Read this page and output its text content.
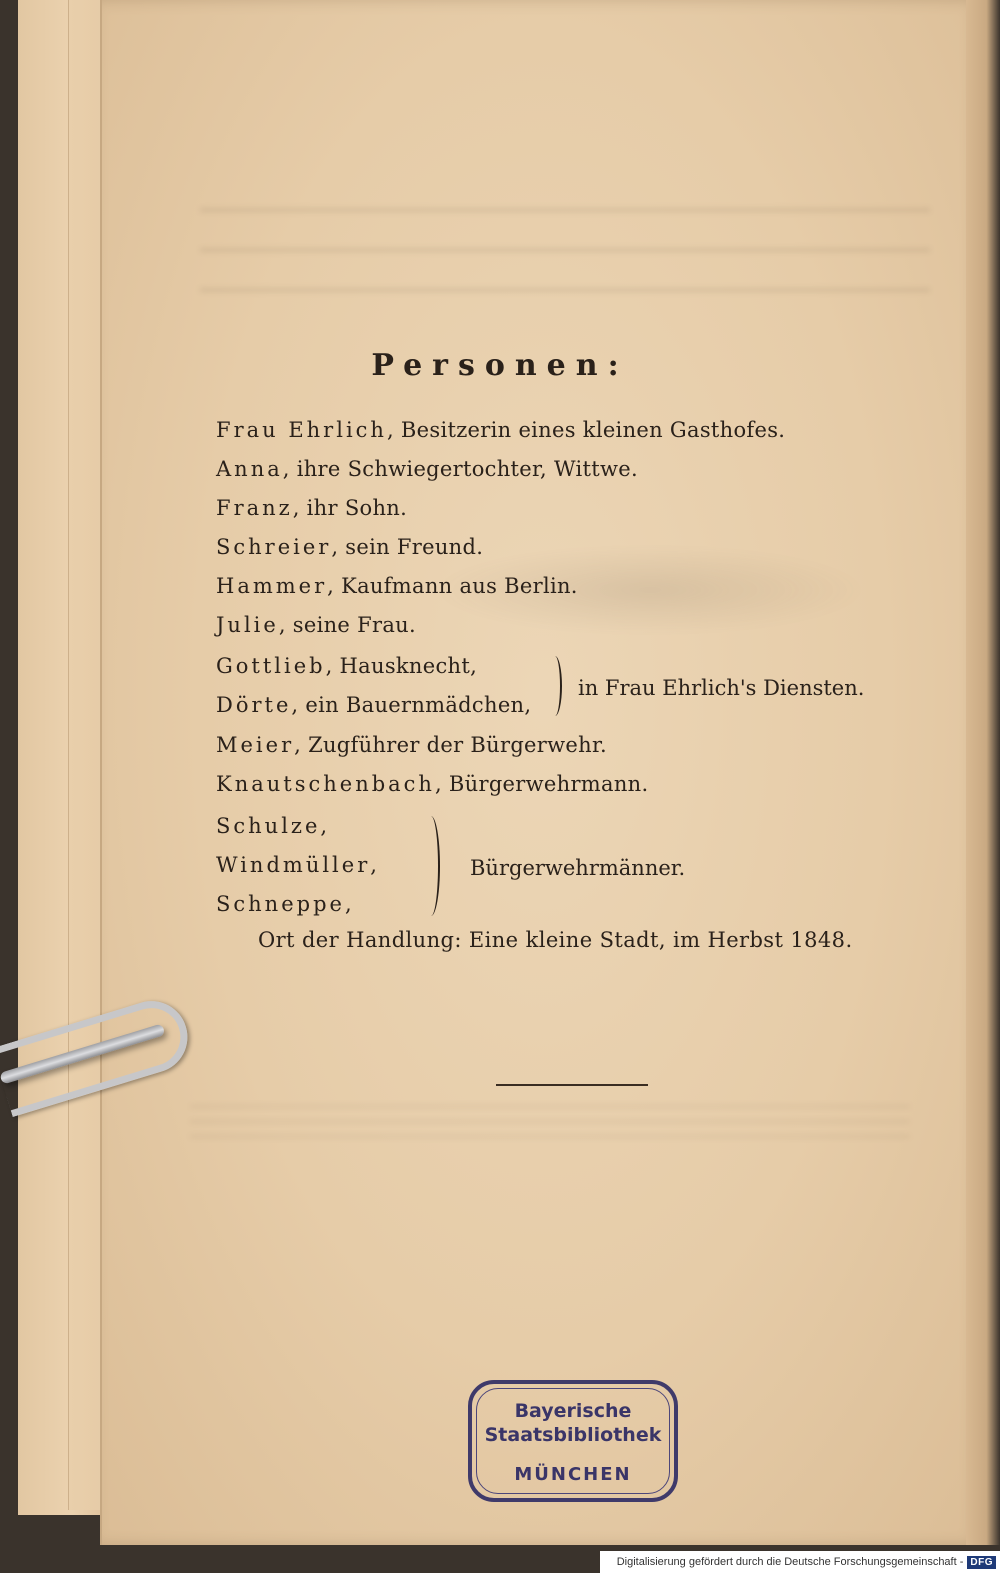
Personen:
Frau Ehrlich, Besitzerin eines kleinen Gasthofes.
Anna, ihre Schwiegertochter, Wittwe.
Franz, ihr Sohn.
Schreier, sein Freund.
Hammer, Kaufmann aus Berlin.
Julie, seine Frau.
Gottlieb, Hausknecht,
Dörte, ein Bauernmädchen,
in Frau Ehrlich's Diensten.
Meier, Zugführer der Bürgerwehr.
Knautschenbach, Bürgerwehrmann.
Schulze,
Windmüller,
Schneppe,
Bürgerwehrmänner.
Ort der Handlung: Eine kleine Stadt, im Herbst 1848.
Bayerische
Staatsbibliothek
MÜNCHEN
Digitalisierung gefördert durch die Deutsche Forschungsgemeinschaft - DFG
